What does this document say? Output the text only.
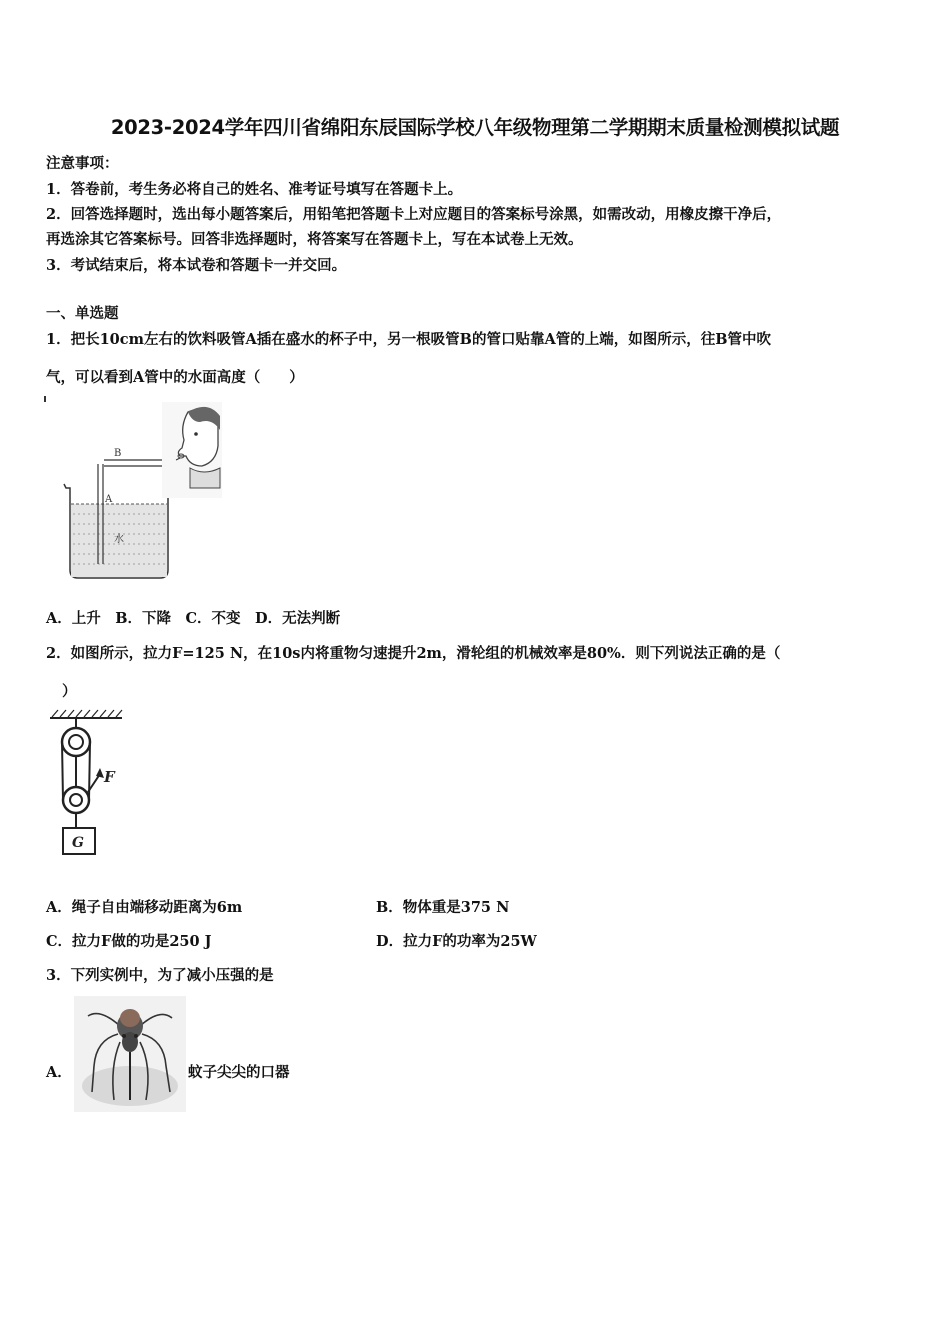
2023-2024学年四川省绵阳东辰国际学校八年级物理第二学期期末质量检测模拟试题
注意事项：
1．答卷前，考生务必将自己的姓名、准考证号填写在答题卡上。
2．回答选择题时，选出每小题答案后，用铅笔把答题卡上对应题目的答案标号涂黑，如需改动，用橡皮擦干净后，
再选涂其它答案标号。回答非选择题时，将答案写在答题卡上，写在本试卷上无效。
3．考试结束后，将本试卷和答题卡一并交回。
一、单选题
1．把长10cm左右的饮料吸管A插在盛水的杯子中，另一根吸管B的管口贴靠A管的上端，如图所示，往B管中吹
气，可以看到A管中的水面高度（　　）
B
A
水
A．上升　B．下降　C．不变　D．无法判断
2．如图所示，拉力F=125 N，在10s内将重物匀速提升2m，滑轮组的机械效率是80%．则下列说法正确的是（
）
F
G
A．绳子自由端移动距离为6m	B．物体重是375 N
C．拉力F做的功是250 J	D．拉力F的功率为25W
3．下列实例中，为了减小压强的是
A．	蚊子尖尖的口器
